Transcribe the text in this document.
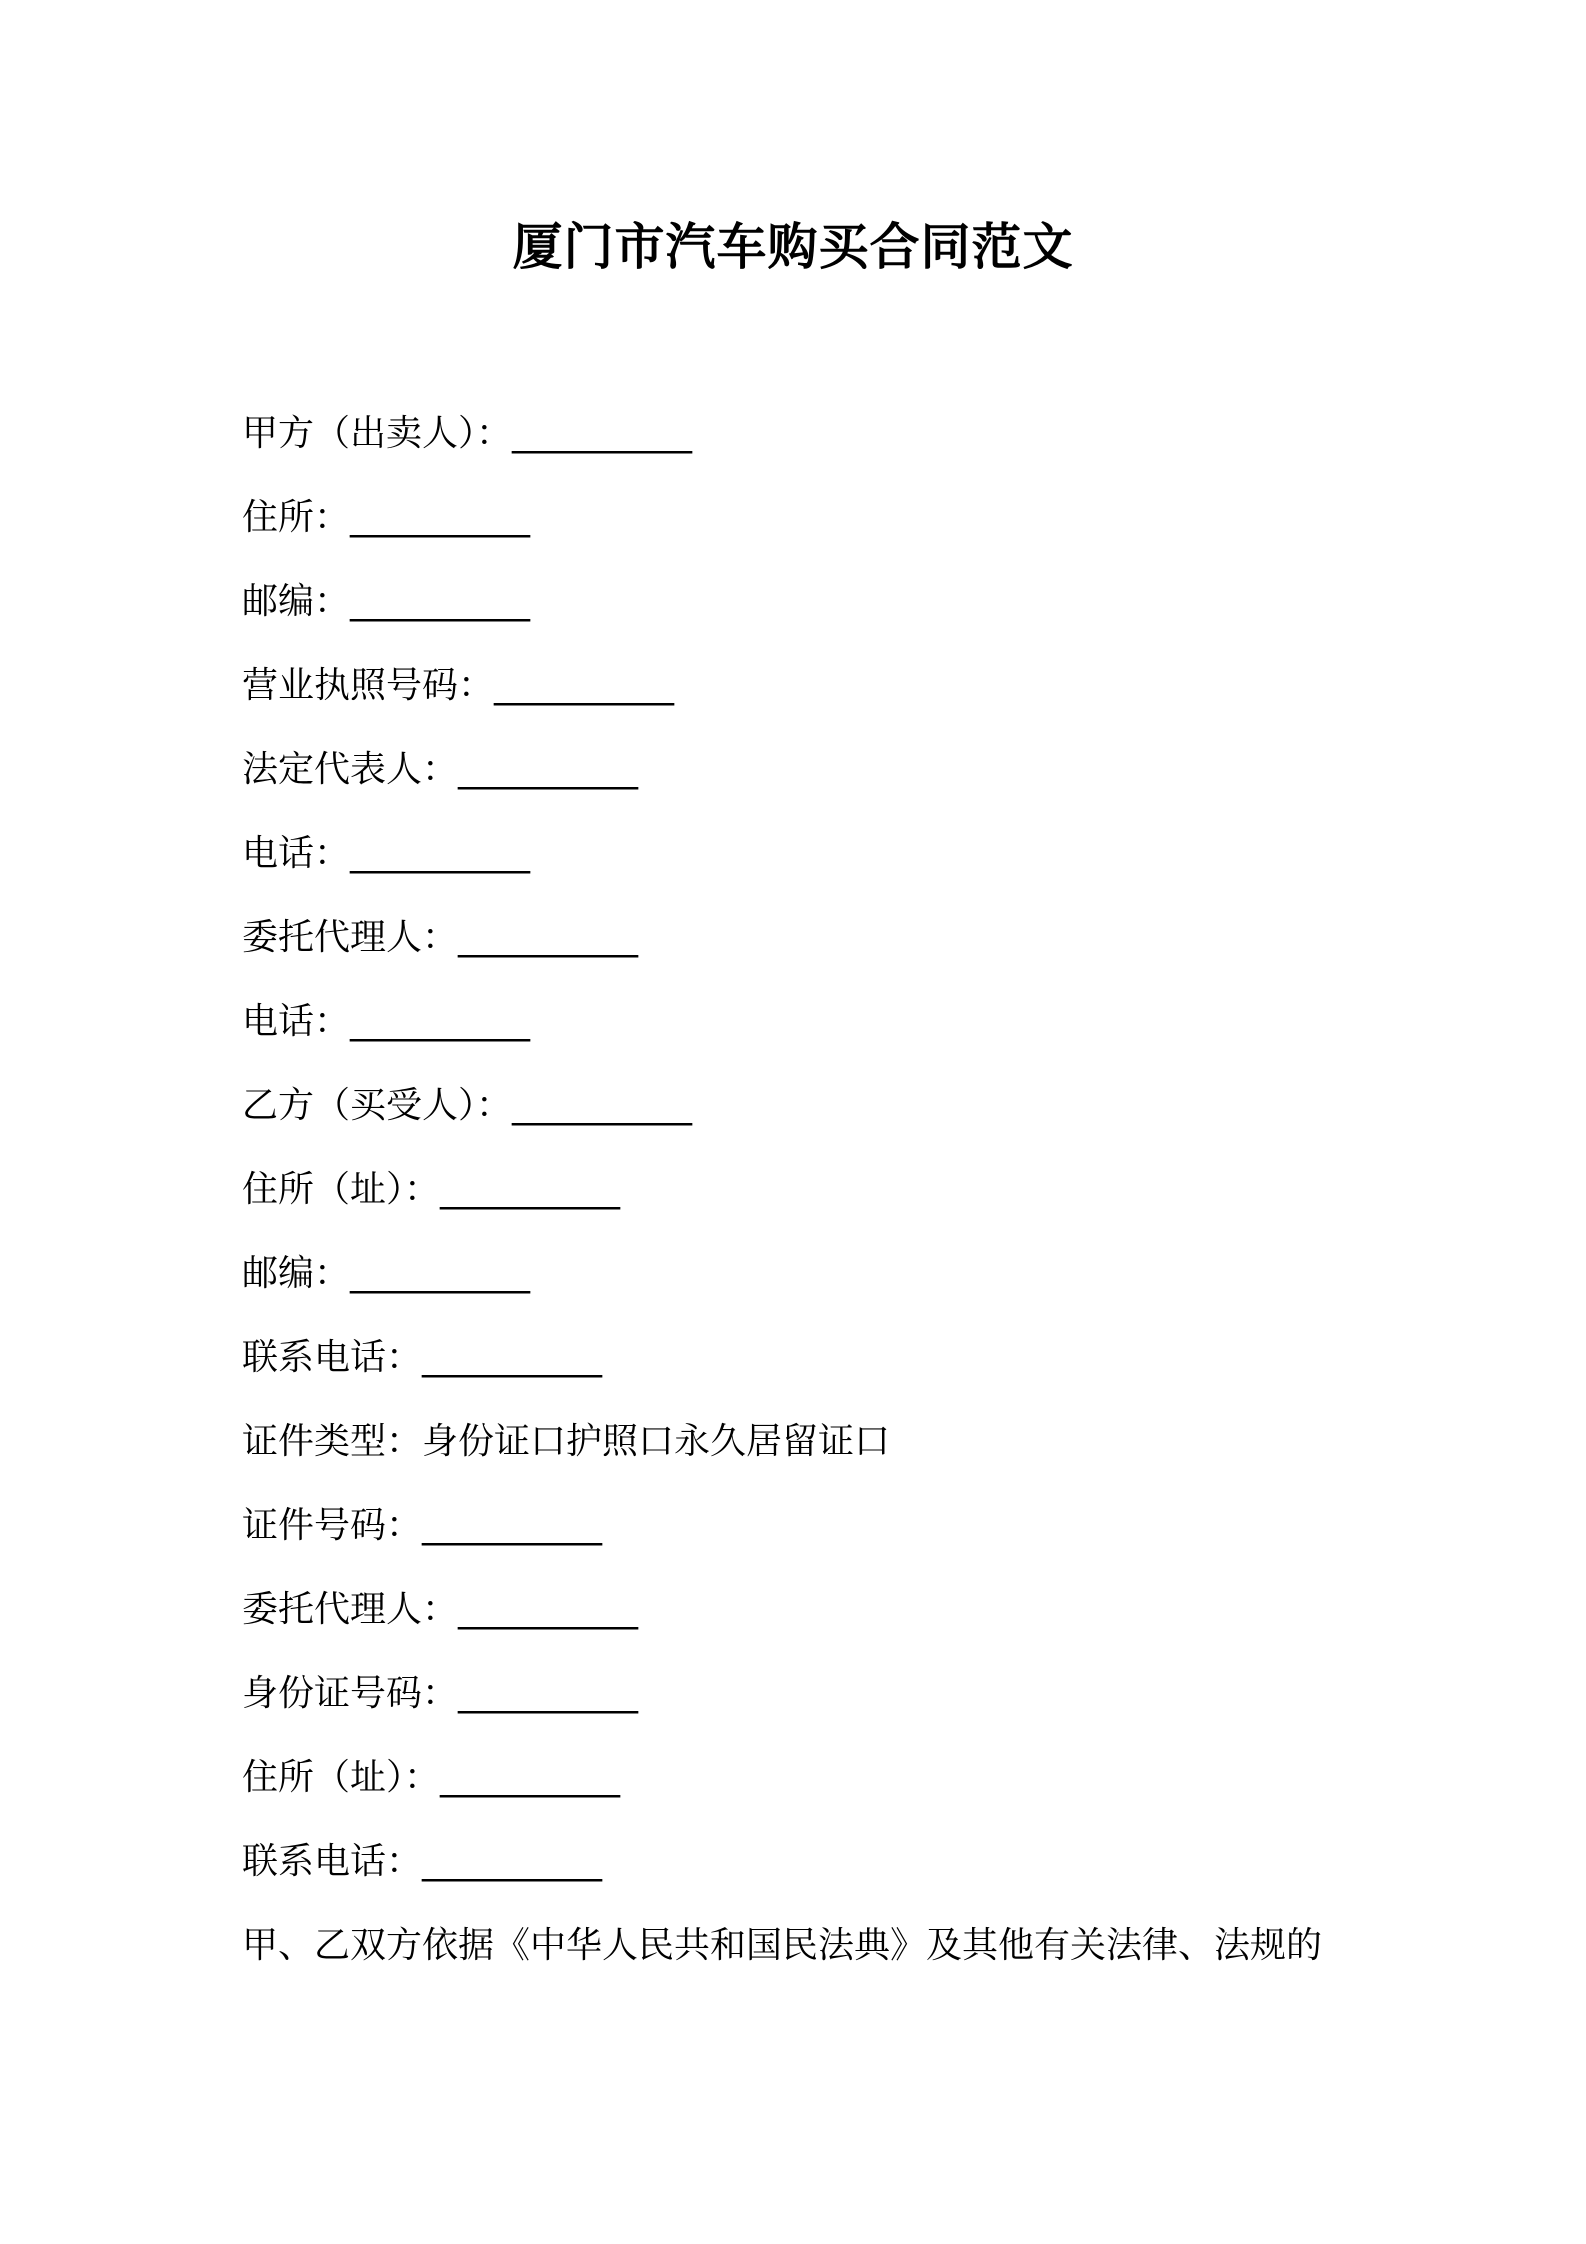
厦门市汽车购买合同范文
甲方（出卖人）：__________
住所：__________
邮编：__________
营业执照号码：__________
法定代表人：__________
电话：__________
委托代理人：__________
电话：__________
乙方（买受人）：__________
住所（址）：__________
邮编：__________
联系电话：__________
证件类型：身份证口护照口永久居留证口
证件号码：__________
委托代理人：__________
身份证号码：__________
住所（址）：__________
联系电话：__________
甲、乙双方依据《中华人民共和国民法典》及其他有关法律、法规的
